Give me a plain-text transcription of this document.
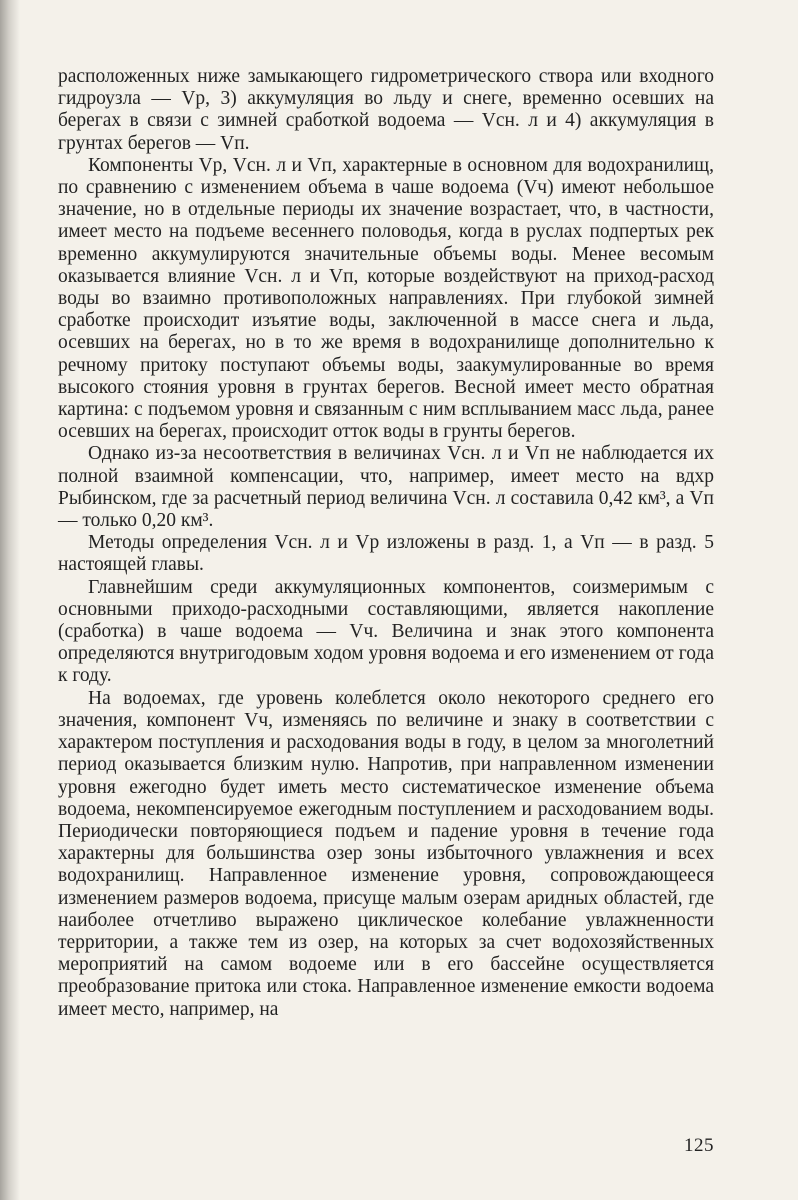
расположенных ниже замыкающего гидрометрического створа или входного гидроузла — Vр, 3) аккумуляция во льду и снеге, временно осевших на берегах в связи с зимней сработкой водоема — Vсн. л и 4) аккумуляция в грунтах берегов — Vп.

Компоненты Vр, Vсн. л и Vп, характерные в основном для водохранилищ, по сравнению с изменением объема в чаше водоема (Vч) имеют небольшое значение, но в отдельные периоды их значение возрастает, что, в частности, имеет место на подъеме весеннего половодья, когда в руслах подпертых рек временно аккумулируются значительные объемы воды. Менее весомым оказывается влияние Vсн. л и Vп, которые воздействуют на приход-расход воды во взаимно противоположных направлениях. При глубокой зимней сработке происходит изъятие воды, заключенной в массе снега и льда, осевших на берегах, но в то же время в водохранилище дополнительно к речному притоку поступают объемы воды, заакумулированные во время высокого стояния уровня в грунтах берегов. Весной имеет место обратная картина: с подъемом уровня и связанным с ним всплыванием масс льда, ранее осевших на берегах, происходит отток воды в грунты берегов.

Однако из-за несоответствия в величинах Vсн. л и Vп не наблюдается их полной взаимной компенсации, что, например, имеет место на вдхр Рыбинском, где за расчетный период величина Vсн. л составила 0,42 км³, а Vп — только 0,20 км³.

Методы определения Vсн. л и Vр изложены в разд. 1, а Vп — в разд. 5 настоящей главы.

Главнейшим среди аккумуляционных компонентов, соизмеримым с основными приходо-расходными составляющими, является накопление (сработка) в чаше водоема — Vч. Величина и знак этого компонента определяются внутригодовым ходом уровня водоема и его изменением от года к году.

На водоемах, где уровень колеблется около некоторого среднего его значения, компонент Vч, изменяясь по величине и знаку в соответствии с характером поступления и расходования воды в году, в целом за многолетний период оказывается близким нулю. Напротив, при направленном изменении уровня ежегодно будет иметь место систематическое изменение объема водоема, некомпенсируемое ежегодным поступлением и расходованием воды. Периодически повторяющиеся подъем и падение уровня в течение года характерны для большинства озер зоны избыточного увлажнения и всех водохранилищ. Направленное изменение уровня, сопровождающееся изменением размеров водоема, присуще малым озерам аридных областей, где наиболее отчетливо выражено циклическое колебание увлажненности территории, а также тем из озер, на которых за счет водохозяйственных мероприятий на самом водоеме или в его бассейне осуществляется преобразование притока или стока. Направленное изменение емкости водоема имеет место, например, на

125
